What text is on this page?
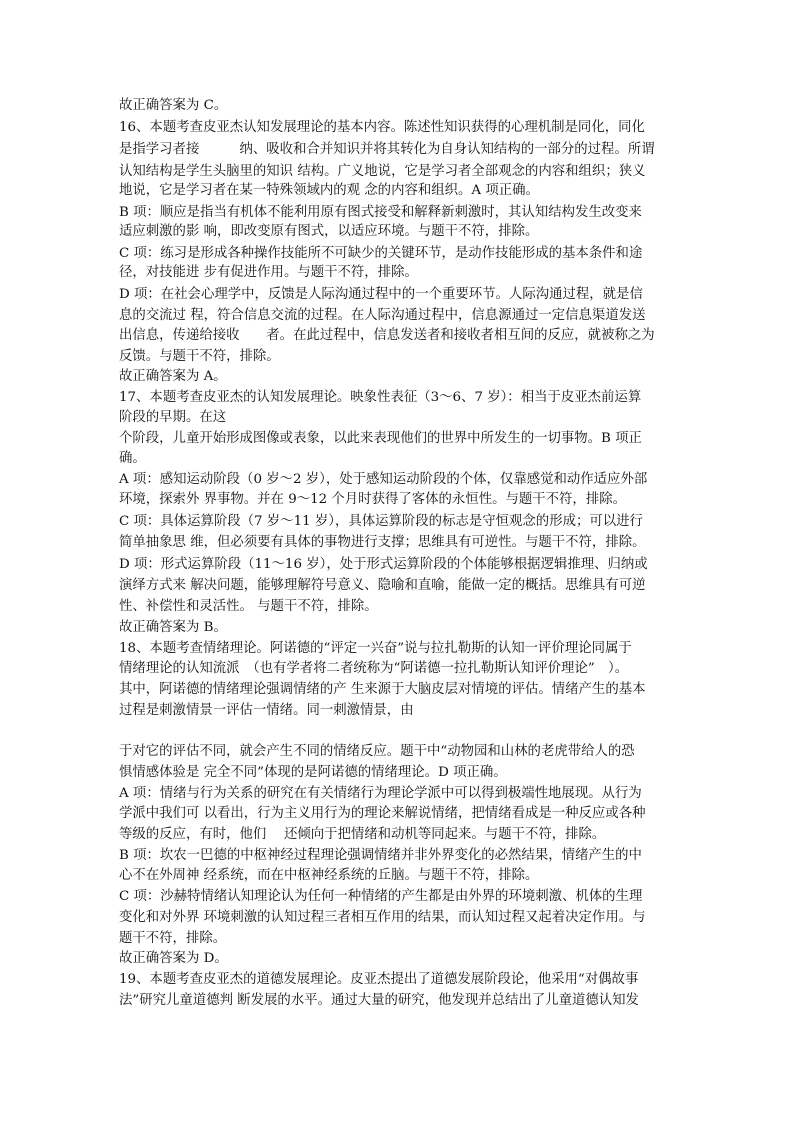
故正确答案为 C。
16、本题考查皮亚杰认知发展理论的基本内容。陈述性知识获得的心理机制是同化，同化
是指学习者接　　　纳、吸收和合并知识并将其转化为自身认知结构的一部分的过程。所谓
认知结构是学生头脑里的知识 结构。广义地说，它是学习者全部观念的内容和组织；狭义
地说，它是学习者在某一特殊领域内的观 念的内容和组织。A 项正确。
B 项：顺应是指当有机体不能利用原有图式接受和解释新刺激时，其认知结构发生改变来
适应刺激的影 响，即改变原有图式，以适应环境。与题干不符，排除。
C 项：练习是形成各种操作技能所不可缺少的关键环节，是动作技能形成的基本条件和途
径，对技能进 步有促进作用。与题干不符，排除。
D 项：在社会心理学中，反馈是人际沟通过程中的一个重要环节。人际沟通过程，就是信
息的交流过 程，符合信息交流的过程。在人际沟通过程中，信息源通过一定信息渠道发送
出信息，传递给接收　　者。在此过程中，信息发送者和接收者相互间的反应，就被称之为
反馈。与题干不符，排除。
故正确答案为 A。
17、本题考查皮亚杰的认知发展理论。映象性表征（3～6、7 岁）：相当于皮亚杰前运算
阶段的早期。在这
个阶段，儿童开始形成图像或表象，以此来表现他们的世界中所发生的一切事物。B 项正
确。
A 项：感知运动阶段（0 岁～2 岁），处于感知运动阶段的个体，仅靠感觉和动作适应外部
环境，探索外 界事物。并在 9～12 个月时获得了客体的永恒性。与题干不符，排除。
C 项：具体运算阶段（7 岁～11 岁），具体运算阶段的标志是守恒观念的形成；可以进行
简单抽象思 维，但必须要有具体的事物进行支撑；思维具有可逆性。与题干不符，排除。
D 项：形式运算阶段（11～16 岁），处于形式运算阶段的个体能够根据逻辑推理、归纳或
演绎方式来 解决问题，能够理解符号意义、隐喻和直喻，能做一定的概括。思维具有可逆
性、补偿性和灵活性。 与题干不符，排除。
故正确答案为 B。
18、本题考查情绪理论。阿诺德的“评定一兴奋”说与拉扎勒斯的认知一评价理论同属于
情绪理论的认知流派　（也有学者将二者统称为“阿诺德一拉扎勒斯认知评价理论”　）。
其中，阿诺德的情绪理论强调情绪的产 生来源于大脑皮层对情境的评估。情绪产生的基本
过程是刺激情景一评估一情绪。同一刺激情景，由
于对它的评估不同，就会产生不同的情绪反应。题干中“动物园和山林的老虎带给人的恐
惧情感体验是 完全不同”体现的是阿诺德的情绪理论。D 项正确。
A 项：情绪与行为关系的研究在有关情绪行为理论学派中可以得到极端性地展现。从行为
学派中我们可 以看出，行为主义用行为的理论来解说情绪，把情绪看成是一种反应或各种
等级的反应，有时，他们　 还倾向于把情绪和动机等同起来。与题干不符，排除。
B 项：坎农一巴德的中枢神经过程理论强调情绪并非外界变化的必然结果，情绪产生的中
心不在外周神 经系统，而在中枢神经系统的丘脑。与题干不符，排除。
C 项：沙赫特情绪认知理论认为任何一种情绪的产生都是由外界的环境刺激、机体的生理
变化和对外界 环境刺激的认知过程三者相互作用的结果，而认知过程又起着决定作用。与
题干不符，排除。
故正确答案为 D。
19、本题考查皮亚杰的道德发展理论。皮亚杰提出了道德发展阶段论，他采用“对偶故事
法”研究儿童道德判 断发展的水平。通过大量的研究，他发现并总结出了儿童道德认知发
